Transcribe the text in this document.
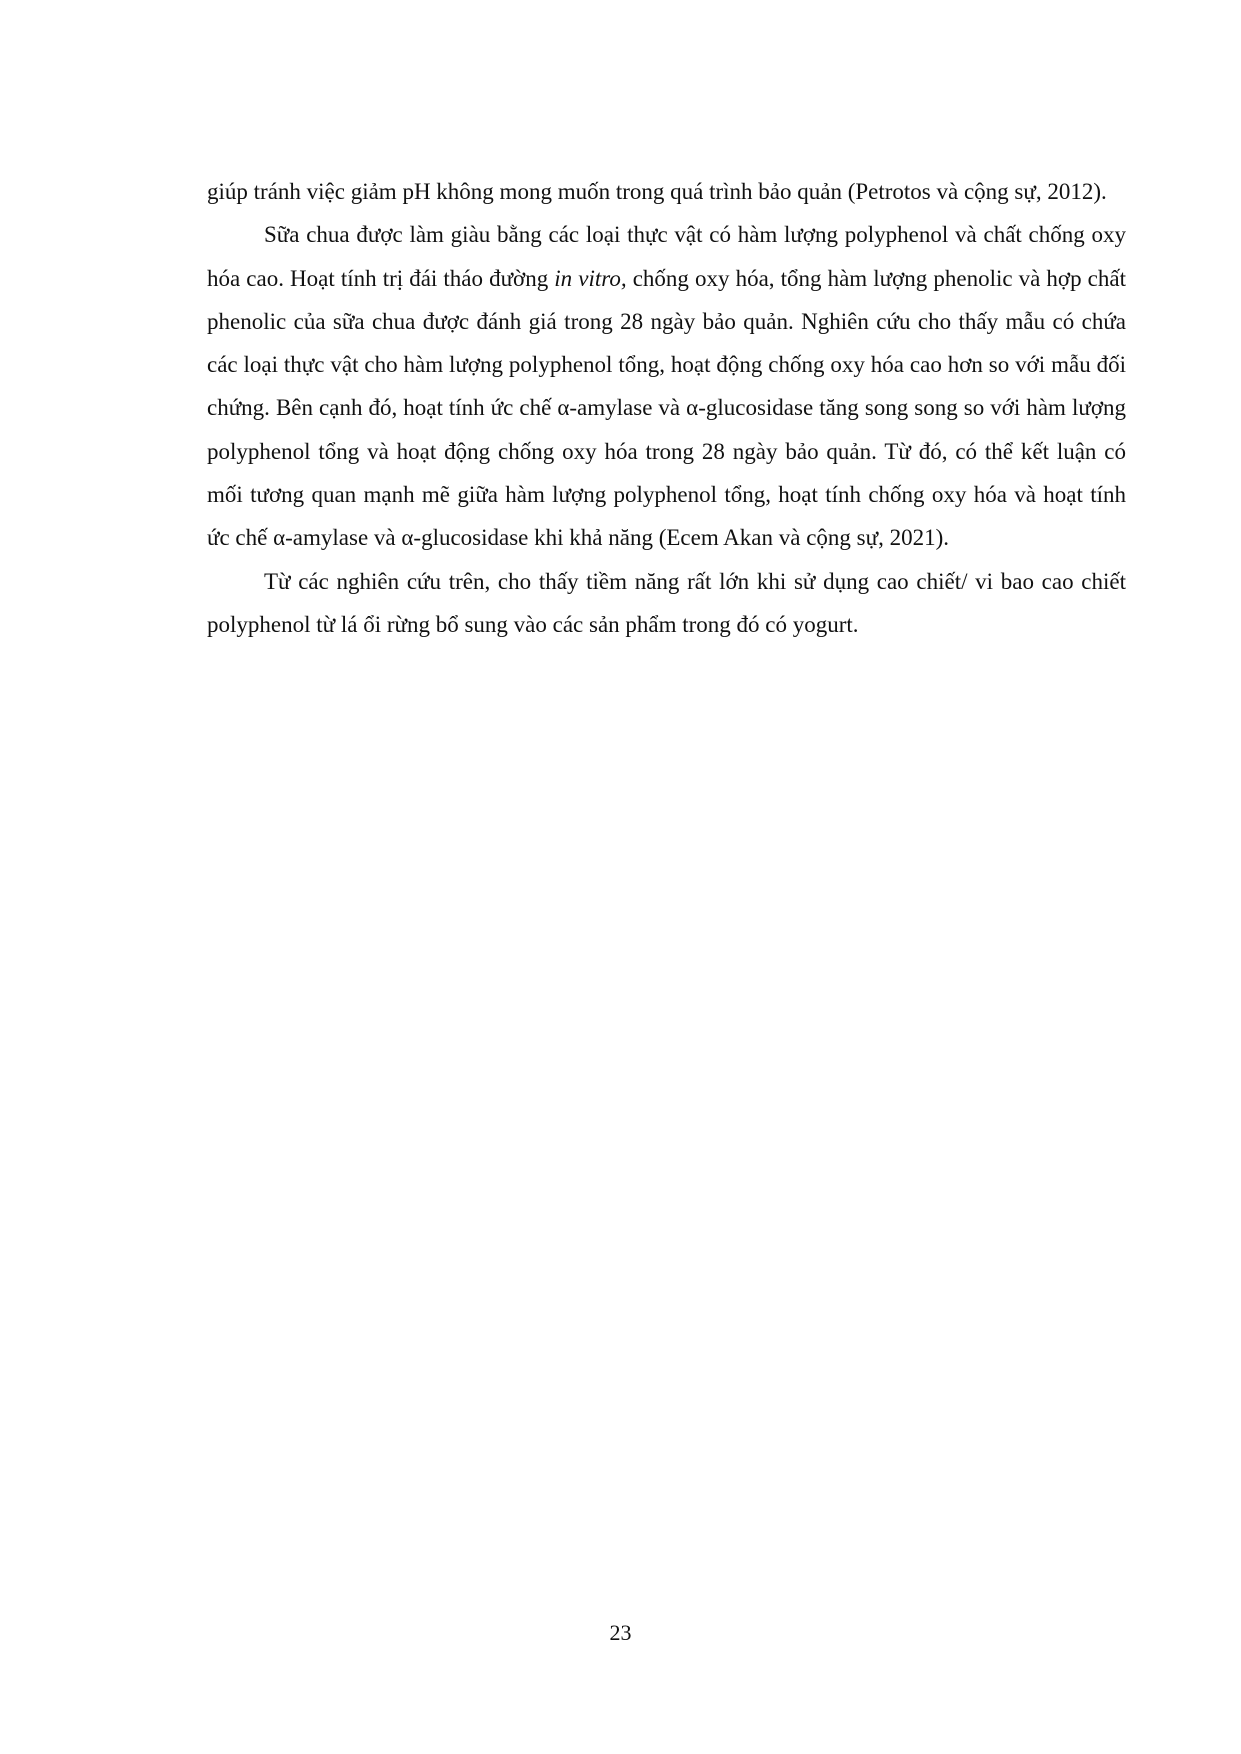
giúp tránh việc giảm pH không mong muốn trong quá trình bảo quản (Petrotos và cộng sự, 2012).

Sữa chua được làm giàu bằng các loại thực vật có hàm lượng polyphenol và chất chống oxy hóa cao. Hoạt tính trị đái tháo đường in vitro, chống oxy hóa, tổng hàm lượng phenolic và hợp chất phenolic của sữa chua được đánh giá trong 28 ngày bảo quản. Nghiên cứu cho thấy mẫu có chứa các loại thực vật cho hàm lượng polyphenol tổng, hoạt động chống oxy hóa cao hơn so với mẫu đối chứng. Bên cạnh đó, hoạt tính ức chế α-amylase và α-glucosidase tăng song song so với hàm lượng polyphenol tổng và hoạt động chống oxy hóa trong 28 ngày bảo quản. Từ đó, có thể kết luận có mối tương quan mạnh mẽ giữa hàm lượng polyphenol tổng, hoạt tính chống oxy hóa và hoạt tính ức chế α-amylase và α-glucosidase khi khả năng (Ecem Akan và cộng sự, 2021).

Từ các nghiên cứu trên, cho thấy tiềm năng rất lớn khi sử dụng cao chiết/ vi bao cao chiết polyphenol từ lá ổi rừng bổ sung vào các sản phẩm trong đó có yogurt.

23
